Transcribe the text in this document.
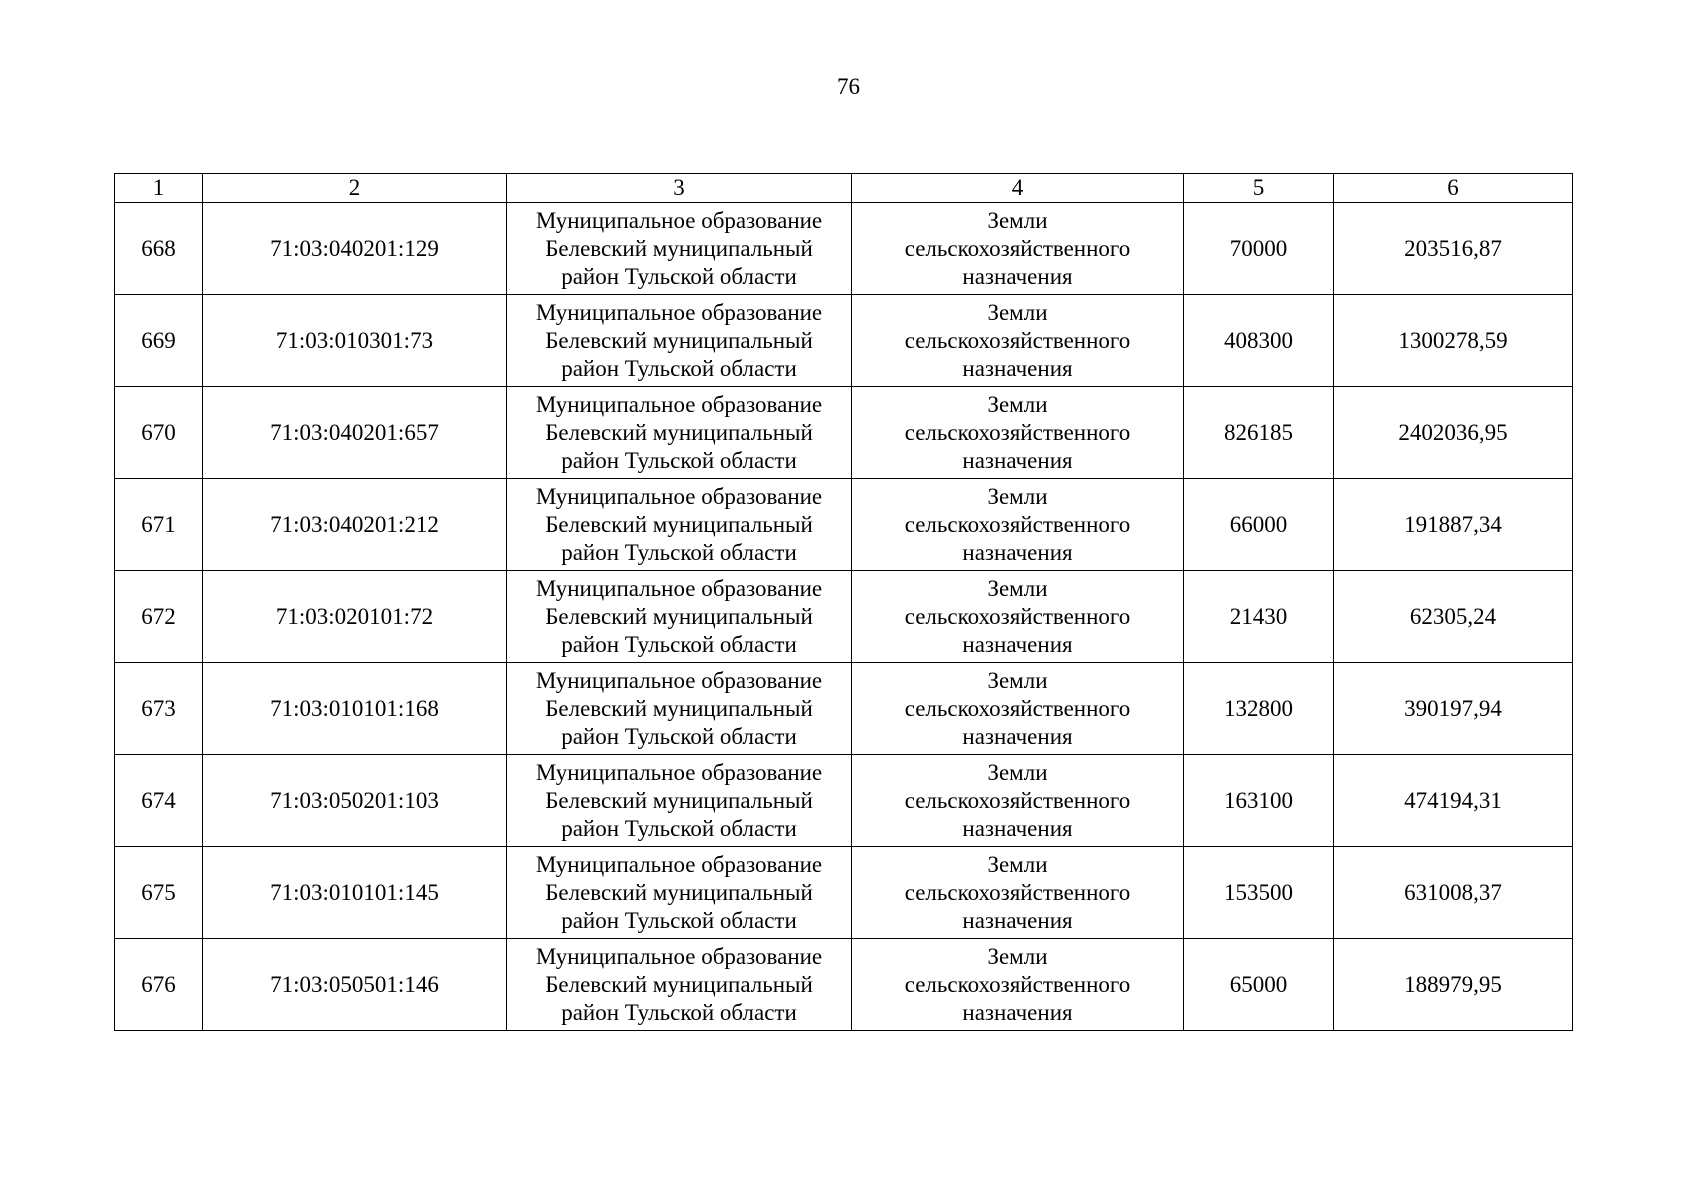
76
1	2	3	4	5	6
668	71:03:040201:129	Муниципальное образование
Белевский муниципальный
район Тульской области	Земли
сельскохозяйственного
назначения	70000	203516,87
669	71:03:010301:73	Муниципальное образование
Белевский муниципальный
район Тульской области	Земли
сельскохозяйственного
назначения	408300	1300278,59
670	71:03:040201:657	Муниципальное образование
Белевский муниципальный
район Тульской области	Земли
сельскохозяйственного
назначения	826185	2402036,95
671	71:03:040201:212	Муниципальное образование
Белевский муниципальный
район Тульской области	Земли
сельскохозяйственного
назначения	66000	191887,34
672	71:03:020101:72	Муниципальное образование
Белевский муниципальный
район Тульской области	Земли
сельскохозяйственного
назначения	21430	62305,24
673	71:03:010101:168	Муниципальное образование
Белевский муниципальный
район Тульской области	Земли
сельскохозяйственного
назначения	132800	390197,94
674	71:03:050201:103	Муниципальное образование
Белевский муниципальный
район Тульской области	Земли
сельскохозяйственного
назначения	163100	474194,31
675	71:03:010101:145	Муниципальное образование
Белевский муниципальный
район Тульской области	Земли
сельскохозяйственного
назначения	153500	631008,37
676	71:03:050501:146	Муниципальное образование
Белевский муниципальный
район Тульской области	Земли
сельскохозяйственного
назначения	65000	188979,95
